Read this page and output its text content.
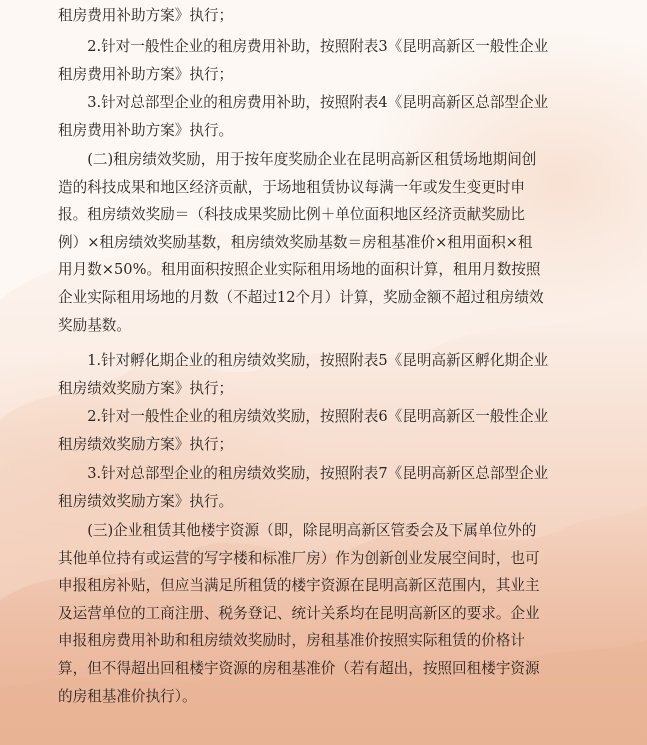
租房费用补助方案》执行；
　　2.针对一般性企业的租房费用补助，按照附表3《昆明高新区一般性企业
租房费用补助方案》执行；
　　3.针对总部型企业的租房费用补助，按照附表4《昆明高新区总部型企业
租房费用补助方案》执行。
　　(二)租房绩效奖励，用于按年度奖励企业在昆明高新区租赁场地期间创
造的科技成果和地区经济贡献，于场地租赁协议每满一年或发生变更时申
报。租房绩效奖励＝（科技成果奖励比例＋单位面积地区经济贡献奖励比
例）×租房绩效奖励基数，租房绩效奖励基数＝房租基准价×租用面积×租
用月数×50%。租用面积按照企业实际租用场地的面积计算，租用月数按照
企业实际租用场地的月数（不超过12个月）计算，奖励金额不超过租房绩效
奖励基数。
　　1.针对孵化期企业的租房绩效奖励，按照附表5《昆明高新区孵化期企业
租房绩效奖励方案》执行；
　　2.针对一般性企业的租房绩效奖励，按照附表6《昆明高新区一般性企业
租房绩效奖励方案》执行；
　　3.针对总部型企业的租房绩效奖励，按照附表7《昆明高新区总部型企业
租房绩效奖励方案》执行。
　　(三)企业租赁其他楼宇资源（即，除昆明高新区管委会及下属单位外的
其他单位持有或运营的写字楼和标准厂房）作为创新创业发展空间时，也可
申报租房补贴，但应当满足所租赁的楼宇资源在昆明高新区范围内，其业主
及运营单位的工商注册、税务登记、统计关系均在昆明高新区的要求。企业
申报租房费用补助和租房绩效奖励时，房租基准价按照实际租赁的价格计
算，但不得超出回租楼宇资源的房租基准价（若有超出，按照回租楼宇资源
的房租基准价执行）。
